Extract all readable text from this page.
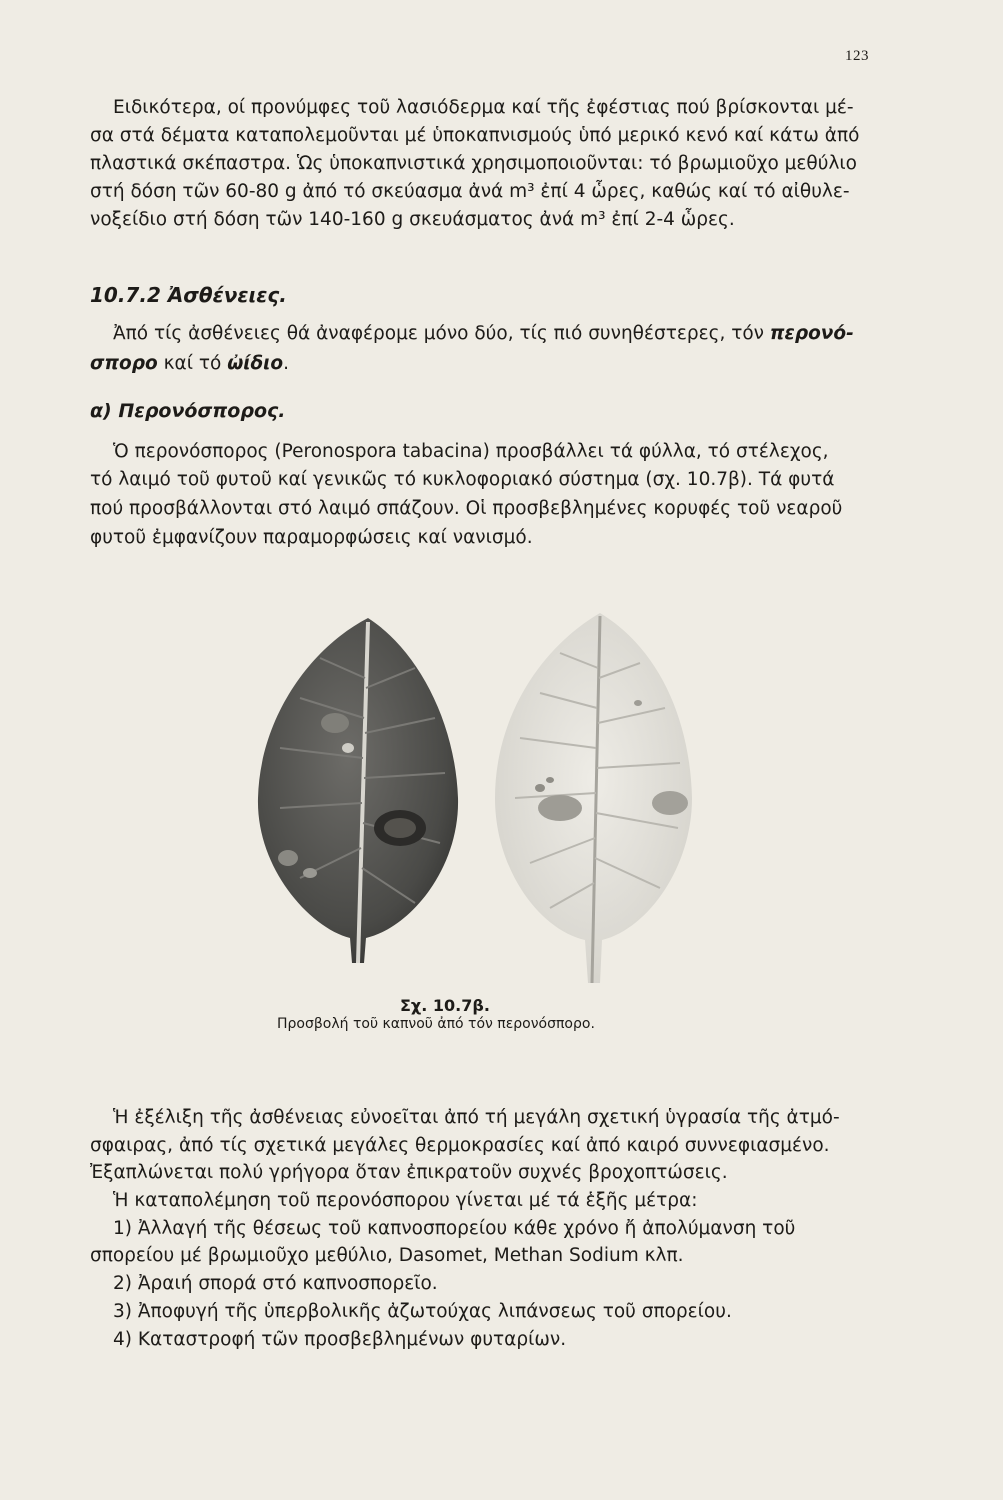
123
Ειδικότερα, οί προνύμφες τοῦ λασιόδερμα καί τῆς ἐφέστιας πού βρίσκονται μέ-
σα στά δέματα καταπολεμοῦνται μέ ὑποκαπνισμούς ὑπό μερικό κενό καί κάτω ἀπό
πλαστικά σκέπαστρα. Ὡς ὑποκαπνιστικά χρησιμοποιοῦνται: τό βρωμιοῦχο μεθύλιο
στή δόση τῶν 60-80 g ἀπό τό σκεύασμα ἀνά m³ ἐπί 4 ὧρες, καθώς καί τό αἰθυλε-
νοξείδιο στή δόση τῶν 140-160 g σκευάσματος ἀνά m³ ἐπί 2-4 ὧρες.
10.7.2 Ἀσθένειες.
Ἀπό τίς ἀσθένειες θά ἀναφέρομε μόνο δύο, τίς πιό συνηθέστερες, τόν περονό-
σπορο καί τό ὠίδιο.
α) Περονόσπορος.
Ὁ περονόσπορος (Peronospora tabacina) προσβάλλει τά φύλλα, τό στέλεχος,
τό λαιμό τοῦ φυτοῦ καί γενικῶς τό κυκλοφοριακό σύστημα (σχ. 10.7β). Τά φυτά
πού προσβάλλονται στό λαιμό σπάζουν. Οἱ προσβεβλημένες κορυφές τοῦ νεαροῦ
φυτοῦ ἐμφανίζουν παραμορφώσεις καί νανισμό.
Σχ. 10.7β.
Προσβολή τοῦ καπνοῦ ἀπό τόν περονόσπορο.
Ἡ ἐξέλιξη τῆς ἀσθένειας εὐνοεῖται ἀπό τή μεγάλη σχετική ὑγρασία τῆς ἀτμό-
σφαιρας, ἀπό τίς σχετικά μεγάλες θερμοκρασίες καί ἀπό καιρό συννεφιασμένο.
Ἐξαπλώνεται πολύ γρήγορα ὅταν ἐπικρατοῦν συχνές βροχοπτώσεις.
Ἡ καταπολέμηση τοῦ περονόσπορου γίνεται μέ τά ἑξῆς μέτρα:
1) Ἀλλαγή τῆς θέσεως τοῦ καπνοσπορείου κάθε χρόνο ἤ ἀπολύμανση τοῦ
σπορείου μέ βρωμιοῦχο μεθύλιο, Dasomet, Methan Sodium κλπ.
2) Ἀραιή σπορά στό καπνοσπορεῖο.
3) Ἀποφυγή τῆς ὑπερβολικῆς ἀζωτούχας λιπάνσεως τοῦ σπορείου.
4) Καταστροφή τῶν προσβεβλημένων φυταρίων.
